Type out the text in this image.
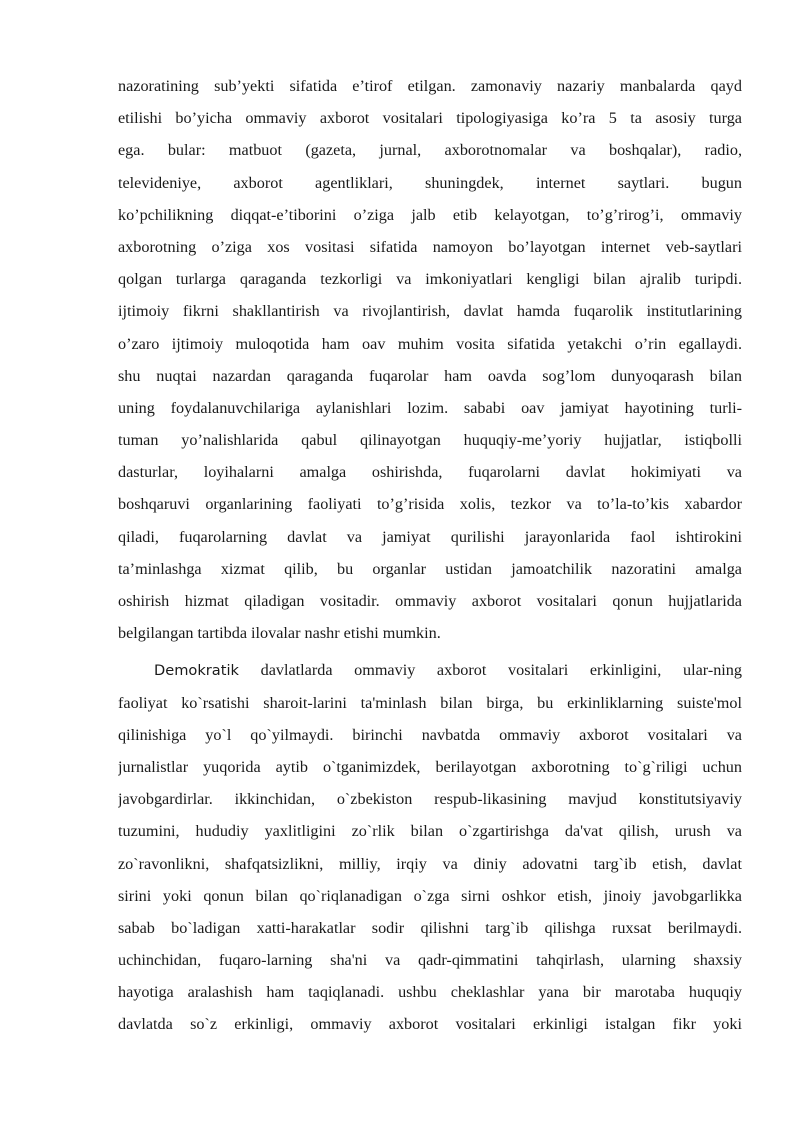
nazoratining sub’yekti sifatida e’tirof etilgan. zamonaviy nazariy manbalarda qayd
etilishi bo’yicha ommaviy axborot vositalari tipologiyasiga ko’ra 5 ta asosiy turga
ega. bular: matbuot (gazeta, jurnal, axborotnomalar va boshqalar), radio,
televideniye, axborot agentliklari, shuningdek, internet saytlari. bugun
ko’pchilikning diqqat-e’tiborini o’ziga jalb etib kelayotgan, to’g’rirog’i, ommaviy
axborotning o’ziga xos vositasi sifatida namoyon bo’layotgan internet veb-saytlari
qolgan turlarga qaraganda tezkorligi va imkoniyatlari kengligi bilan ajralib turipdi.
ijtimoiy fikrni shakllantirish va rivojlantirish, davlat hamda fuqarolik institutlarining
o’zaro ijtimoiy muloqotida ham oav muhim vosita sifatida yetakchi o’rin egallaydi.
shu nuqtai nazardan qaraganda fuqarolar ham oavda sog’lom dunyoqarash bilan
uning foydalanuvchilariga aylanishlari lozim. sababi oav jamiyat hayotining turli-
tuman yo’nalishlarida qabul qilinayotgan huquqiy-me’yoriy hujjatlar, istiqbolli
dasturlar, loyihalarni amalga oshirishda, fuqarolarni davlat hokimiyati va
boshqaruvi organlarining faoliyati to’g’risida xolis, tezkor va to’la-to’kis xabardor
qiladi, fuqarolarning davlat va jamiyat qurilishi jarayonlarida faol ishtirokini
ta’minlashga xizmat qilib, bu organlar ustidan jamoatchilik nazoratini amalga
oshirish hizmat qiladigan vositadir. ommaviy axborot vositalari qonun hujjatlarida
belgilangan tartibda ilovalar nashr etishi mumkin.
Demokratik davlatlarda ommaviy axborot vositalari erkinligini, ular-ning
faoliyat ko`rsatishi sharoit-larini ta'minlash bilan birga, bu erkinliklarning suiste'mol
qilinishiga yo`l qo`yilmaydi. birinchi navbatda ommaviy axborot vositalari va
jurnalistlar yuqorida aytib o`tganimizdek, berilayotgan axborotning to`g`riligi uchun
javobgardirlar. ikkinchidan, o`zbekiston respub-likasining mavjud konstitutsiyaviy
tuzumini, hududiy yaxlitligini zo`rlik bilan o`zgartirishga da'vat qilish, urush va
zo`ravonlikni, shafqatsizlikni, milliy, irqiy va diniy adovatni targ`ib etish, davlat
sirini yoki qonun bilan qo`riqlanadigan o`zga sirni oshkor etish, jinoiy javobgarlikka
sabab bo`ladigan xatti-harakatlar sodir qilishni targ`ib qilishga ruxsat berilmaydi.
uchinchidan, fuqaro-larning sha'ni va qadr-qimmatini tahqirlash, ularning shaxsiy
hayotiga aralashish ham taqiqlanadi. ushbu cheklashlar yana bir marotaba huquqiy
davlatda so`z erkinligi, ommaviy axborot vositalari erkinligi istalgan fikr yoki
